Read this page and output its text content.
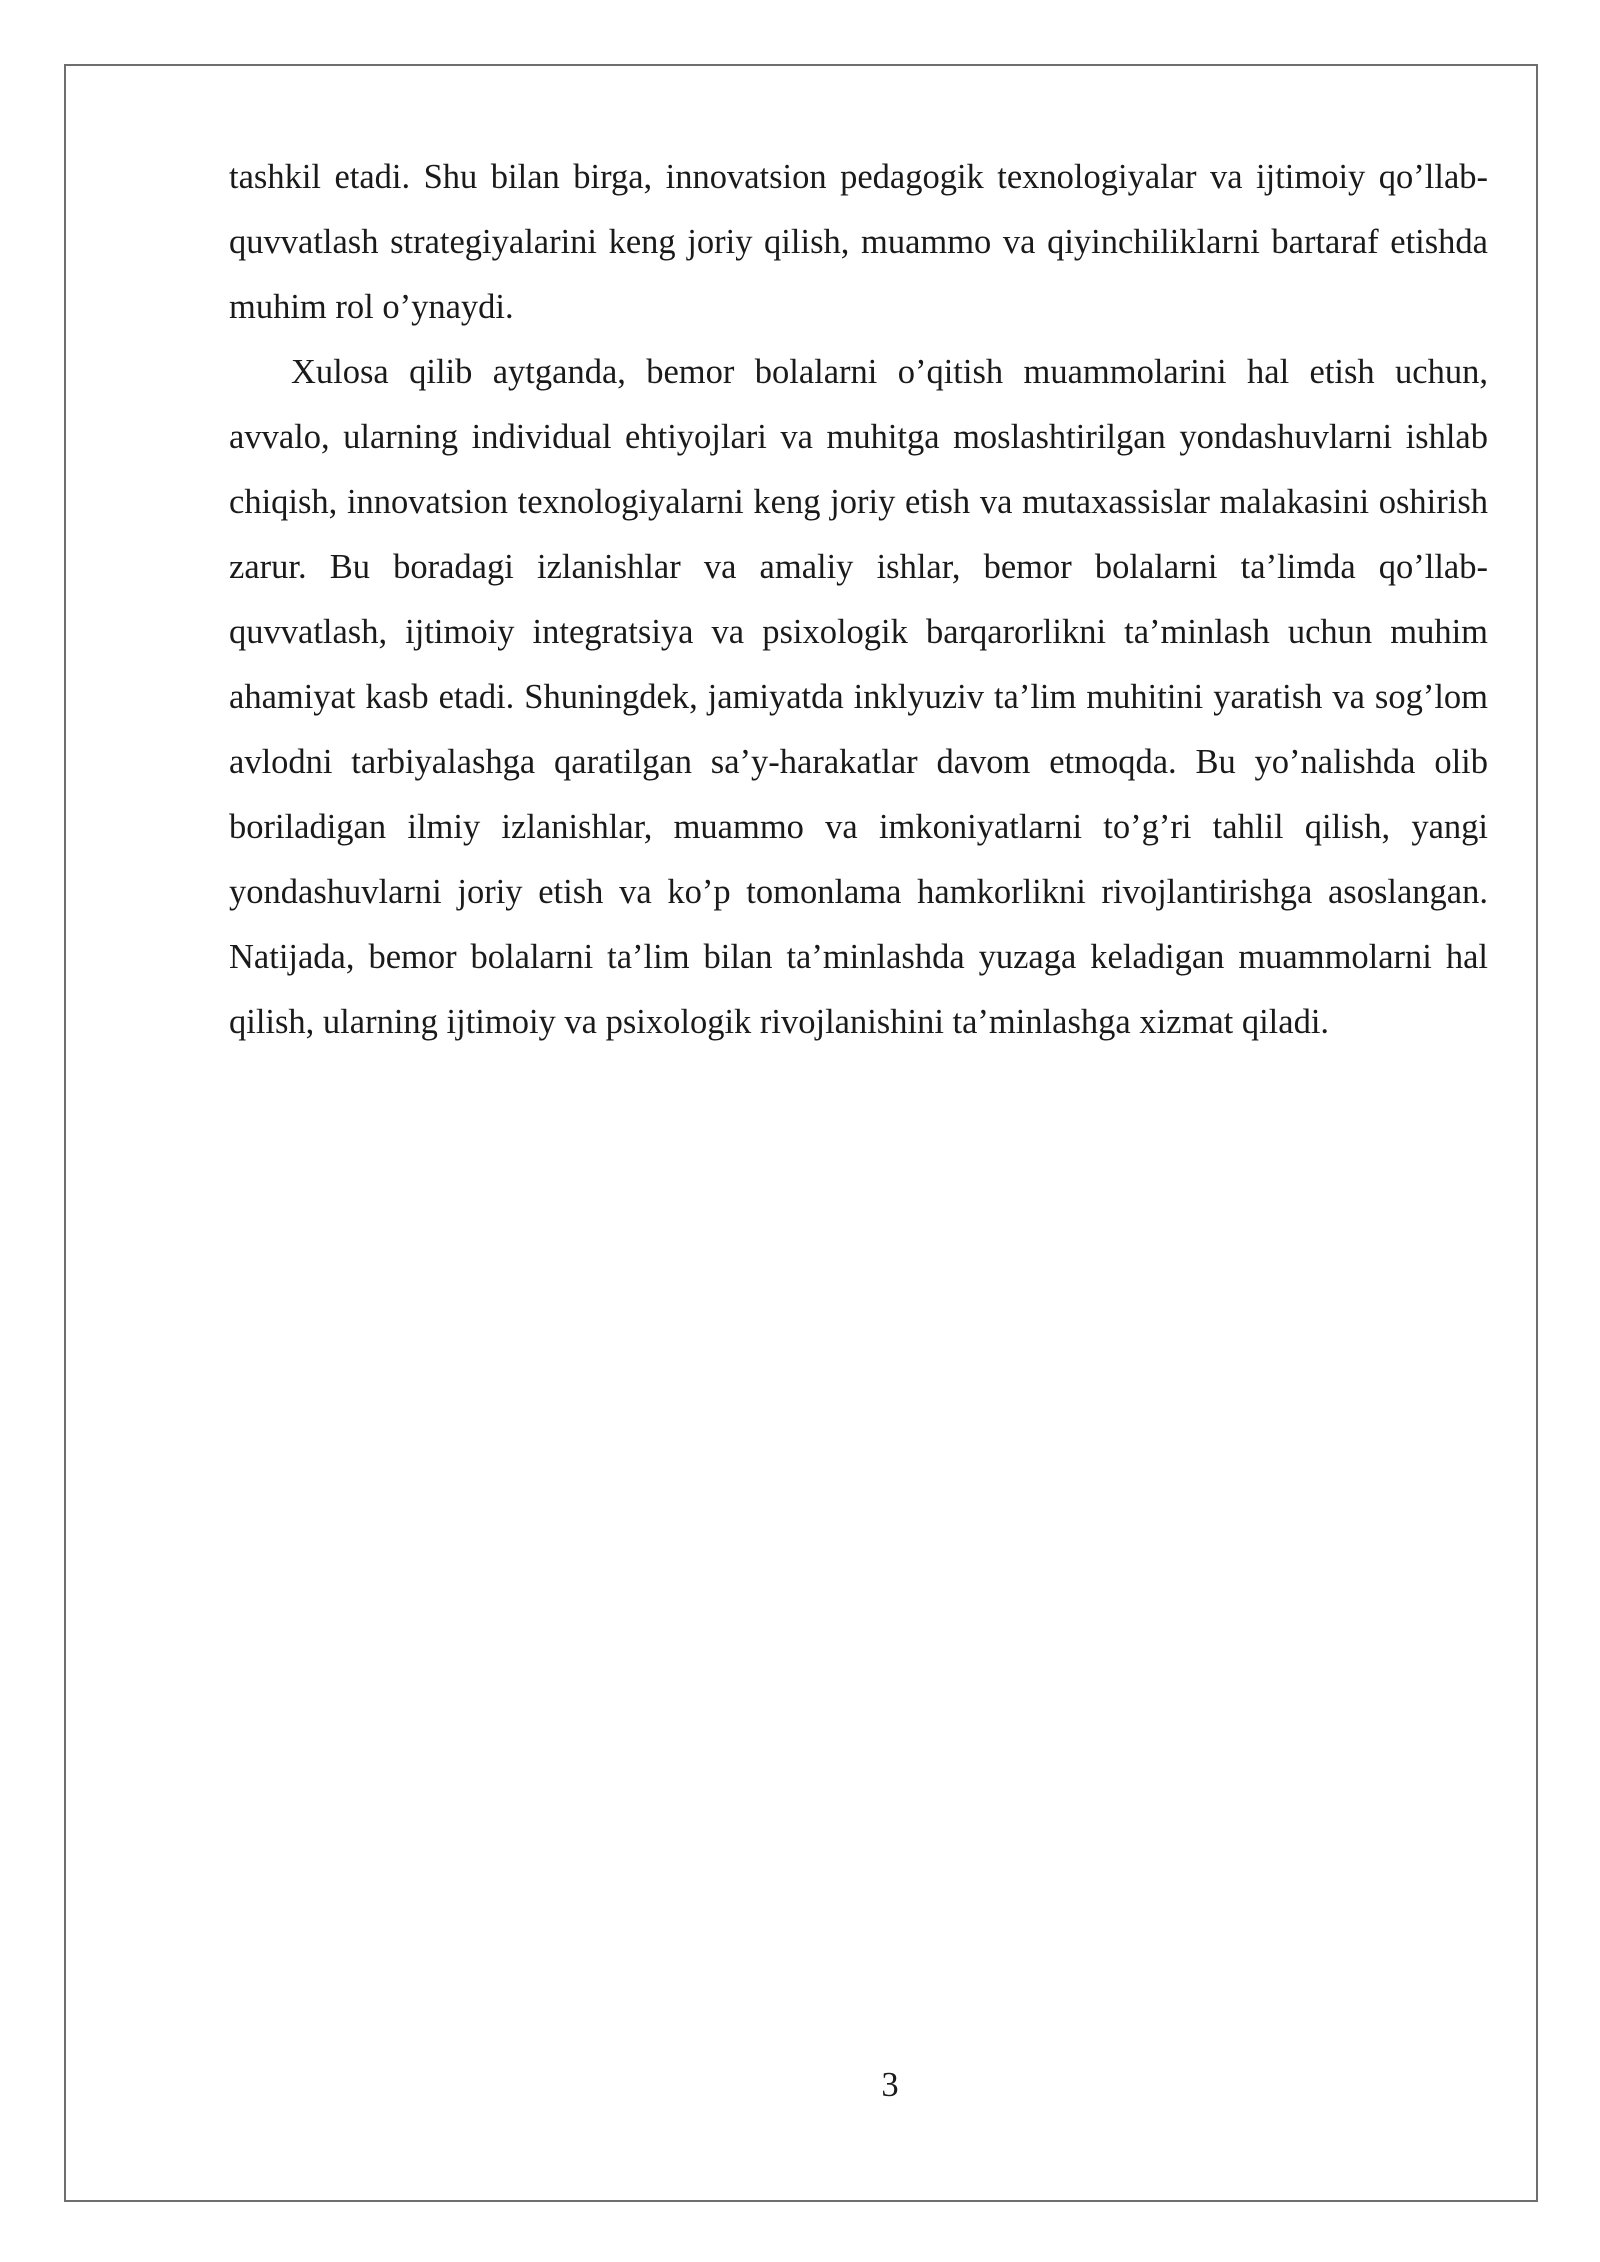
tashkil etadi. Shu bilan birga, innovatsion pedagogik texnologiyalar va ijtimoiy qo’llab-quvvatlash strategiyalarini keng joriy qilish, muammo va qiyinchiliklarni bartaraf etishda muhim rol o’ynaydi.

Xulosa qilib aytganda, bemor bolalarni o’qitish muammolarini hal etish uchun, avvalo, ularning individual ehtiyojlari va muhitga moslashtirilgan yondashuvlarni ishlab chiqish, innovatsion texnologiyalarni keng joriy etish va mutaxassislar malakasini oshirish zarur. Bu boradagi izlanishlar va amaliy ishlar, bemor bolalarni ta’limda qo’llab-quvvatlash, ijtimoiy integratsiya va psixologik barqarorlikni ta’minlash uchun muhim ahamiyat kasb etadi. Shuningdek, jamiyatda inklyuziv ta’lim muhitini yaratish va sog’lom avlodni tarbiyalashga qaratilgan sa’y-harakatlar davom etmoqda. Bu yo’nalishda olib boriladigan ilmiy izlanishlar, muammo va imkoniyatlarni to’g’ri tahlil qilish, yangi yondashuvlarni joriy etish va ko’p tomonlama hamkorlikni rivojlantirishga asoslangan. Natijada, bemor bolalarni ta’lim bilan ta’minlashda yuzaga keladigan muammolarni hal qilish, ularning ijtimoiy va psixologik rivojlanishini ta’minlashga xizmat qiladi.

3
